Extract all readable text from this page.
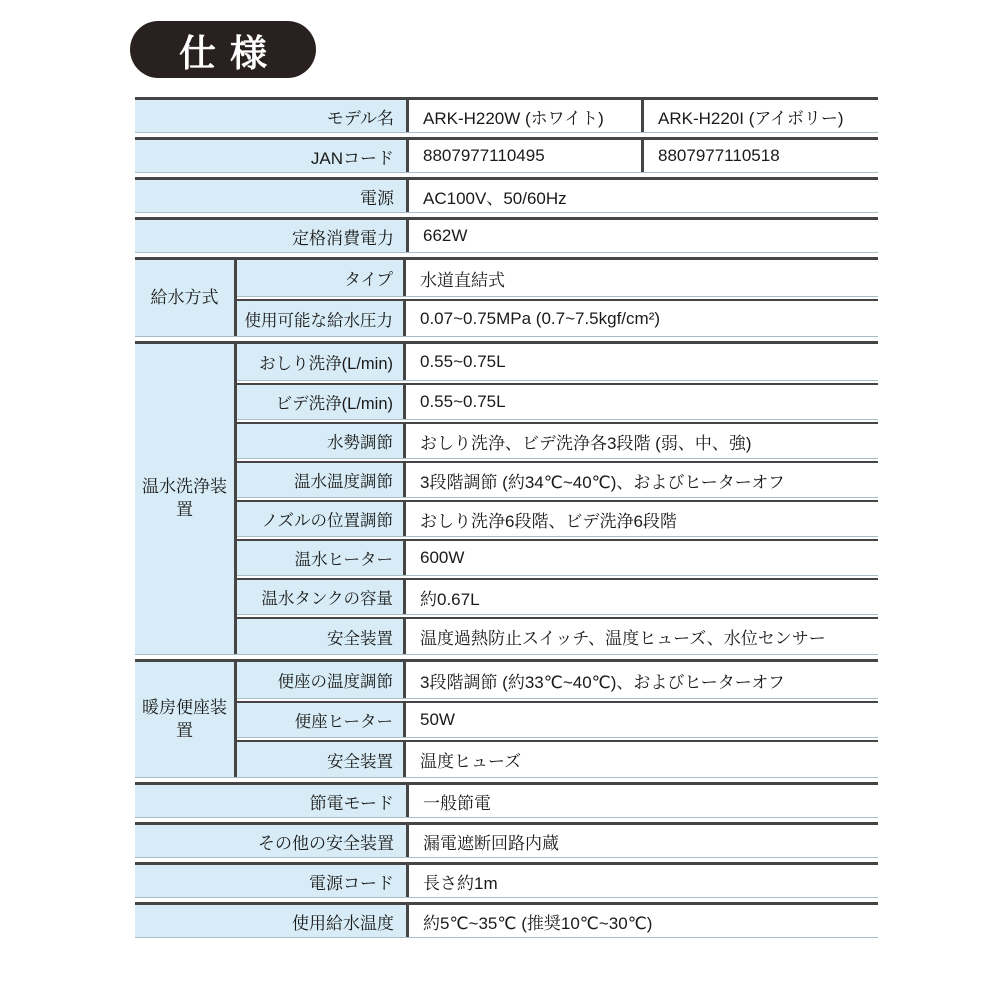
仕様
モデル名	ARK-H220W (ホワイト)	ARK-H220I (アイボリー)
JANコード	8807977110495	8807977110518
電源	AC100V、50/60Hz
定格消費電力	662W
給水方式
タイプ	水道直結式
使用可能な給水圧力	0.07~0.75MPa (0.7~7.5kgf/cm²)
温水洗浄装置
おしり洗浄(L/min)	0.55~0.75L
ビデ洗浄(L/min)	0.55~0.75L
水勢調節	おしり洗浄、ビデ洗浄各3段階 (弱、中、強)
温水温度調節	3段階調節 (約34℃~40℃)、およびヒーターオフ
ノズルの位置調節	おしり洗浄6段階、ビデ洗浄6段階
温水ヒーター	600W
温水タンクの容量	約0.67L
安全装置	温度過熱防止スイッチ、温度ヒューズ、水位センサー
暖房便座装置
便座の温度調節	3段階調節 (約33℃~40℃)、およびヒーターオフ
便座ヒーター	50W
安全装置	温度ヒューズ
節電モード	一般節電
その他の安全装置	漏電遮断回路内蔵
電源コード	長さ約1m
使用給水温度	約5℃~35℃ (推奨10℃~30℃)
